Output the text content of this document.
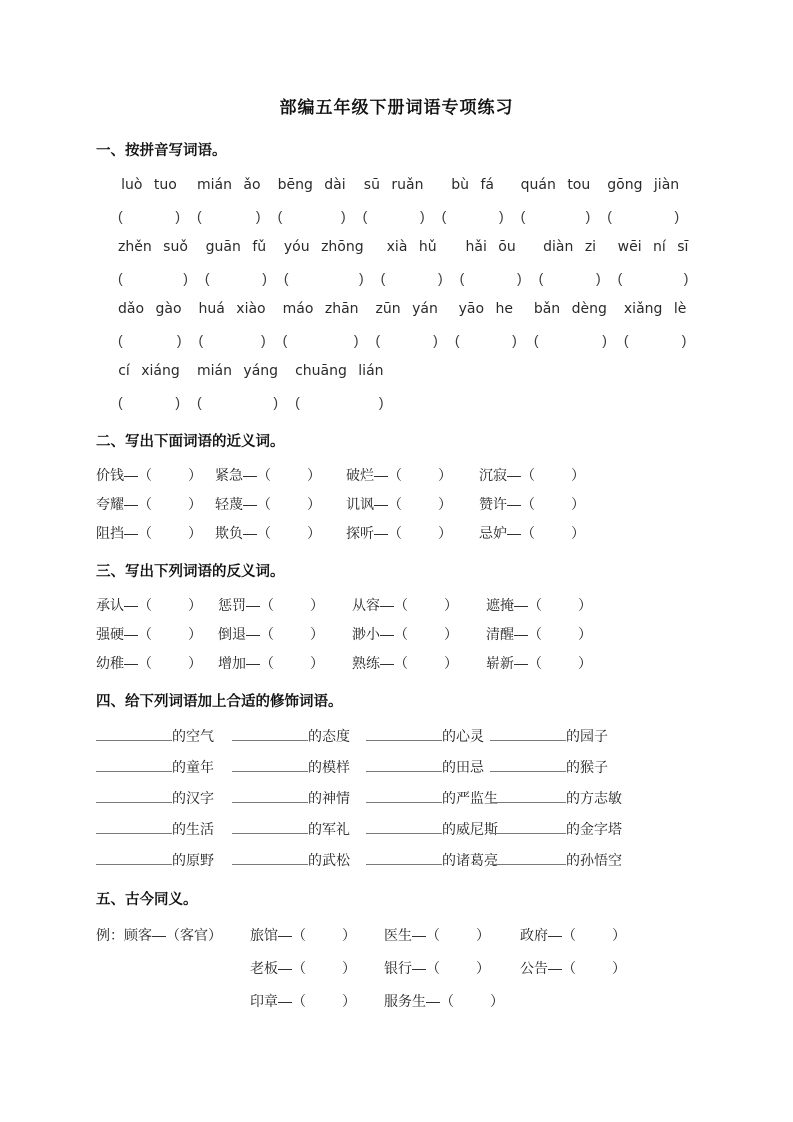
部编五年级下册词语专项练习
一、按拼音写词语。
luò tuo
(	)
mián ǎo
(	)
bēng dài
(	)
sū ruǎn
(	)
bù fá
(	)
quán tou
(	)
gōng jiàn
(	)
zhěn suǒ
(	)
guān fǔ
(	)
yóu zhōng
(	)
xià hǔ
(	)
hǎi ōu
(	)
diàn zi
(	)
wēi ní sī
(	)
dǎo gào
(	)
huá xiào
(	)
máo zhān
(	)
zūn yán
(	)
yāo he
(	)
bǎn dèng
(	)
xiǎng lè
(	)
cí xiáng
(	)
mián yáng
(	)
chuāng lián
(	)
二、写出下面词语的近义词。
价钱—（	） 紧急—（	）	破烂—（	）	沉寂—（	）
夸耀—（	） 轻蔑—（	）	讥讽—（	）	赞许—（	）
阻挡—（	） 欺负—（	）	探听—（	）	忌妒—（	）
三、写出下列词语的反义词。
承认—（	）	惩罚—（	）	从容—（	）	遮掩—（	）
强硬—（	）	倒退—（	）	渺小—（	）	清醒—（	）
幼稚—（	）	增加—（	）	熟练—（	）	崭新—（	）
四、给下列词语加上合适的修饰词语。
的空气	的态度	的心灵	的园子
的童年	的模样	的田忌	的猴子
的汉字	的神情	的严监生	的方志敏
的生活	的军礼	的威尼斯	的金字塔
的原野	的武松	的诸葛亮	的孙悟空
五、古今同义。
例：顾客—（客官）	旅馆—（	）	医生—（	）	政府—（	）
老板—（	）	银行—（	）	公告—（	）
印章—（	）	服务生—（	）
